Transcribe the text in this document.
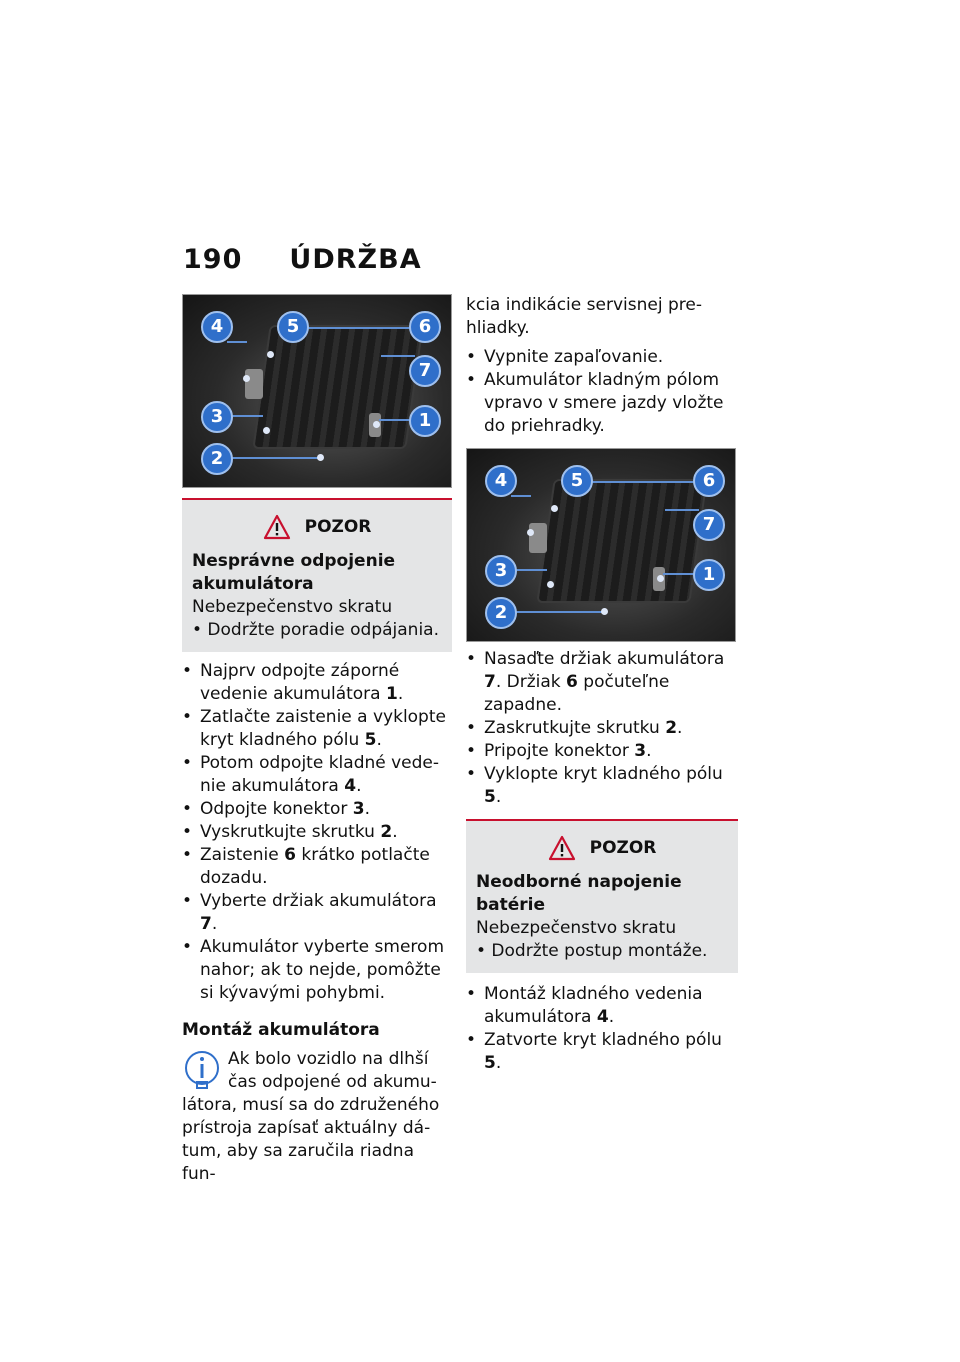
190 ÚDRŽBA
4	5	6
7
3	1
2
POZOR
Nesprávne odpojenie akumulátora
Nebezpečenstvo skratu
• Dodržte poradie odpájania.
• Najprv odpojte záporné vedenie akumulátora 1.
• Zatlačte zaistenie a vyklopte kryt kladného pólu 5.
• Potom odpojte kladné vedenie akumulátora 4.
• Odpojte konektor 3.
• Vyskrutkujte skrutku 2.
• Zaistenie 6 krátko potlačte dozadu.
• Vyberte držiak akumulátora 7.
• Akumulátor vyberte smerom nahor; ak to nejde, pomôžte si kývavými pohybmi.
Montáž akumulátora
Ak bolo vozidlo na dlhší čas odpojené od akumulátora, musí sa do združeného prístroja zapísať aktuálny dátum, aby sa zaručila riadna fun-

kcia indikácie servisnej prehliadky.

• Vypnite zapaľovanie.
• Akumulátor kladným pólom vpravo v smere jazdy vložte do priehradky.
4	5	6
7
3	1
2
• Nasaďte držiak akumulátora 7. Držiak 6 počuteľne zapadne.
• Zaskrutkujte skrutku 2.
• Pripojte konektor 3.
• Vyklopte kryt kladného pólu 5.
POZOR
Neodborné napojenie batérie
Nebezpečenstvo skratu
• Dodržte postup montáže.
• Montáž kladného vedenia akumulátora 4.
• Zatvorte kryt kladného pólu 5.
